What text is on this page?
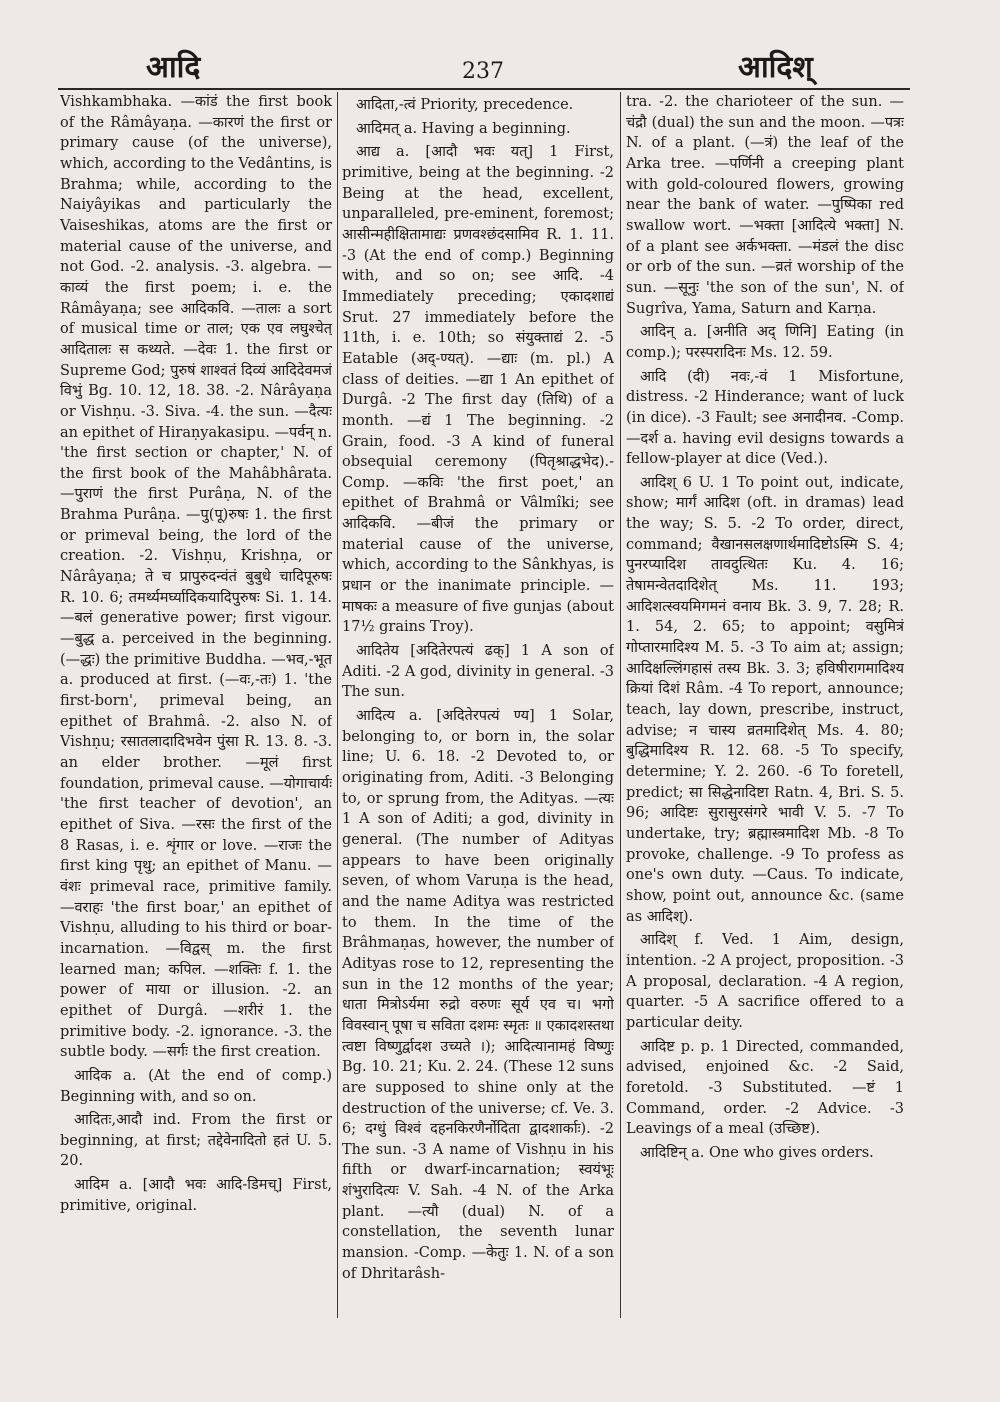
आदि	237	आदिश्

Vishkambhaka. —कांडं the first book of the Râmâyaṇa. —कारणं the first or primary cause (of the universe), which, according to the Vedântins, is Brahma; while, according to the Naiyâyikas and particularly the Vaiseshikas, atoms are the first or material cause of the universe, and not God. -2. analysis. -3. algebra. —काव्यं the first poem; i. e. the Râmâyaṇa; see आदिकवि. —तालः a sort of musical time or ताल; एक एव लघुश्चेत् आदितालः स कथ्यते. —देवः 1. the first or Supreme God; पुरुषं शाश्वतं दिव्यं आदिदेवमजं विभुं Bg. 10. 12, 18. 38. -2. Nârâyaṇa or Vishṇu. -3. Siva. -4. the sun. —दैत्यः an epithet of Hiraṇyakasipu. —पर्वन् n. 'the first section or chapter,' N. of the first book of the Mahâbhârata. —पुराणं the first Purâṇa, N. of the Brahma Purâṇa. —पु(पू)रुषः 1. the first or primeval being, the lord of the creation. -2. Vishṇu, Krishṇa, or Nârâyaṇa; ते च प्रापुरुदन्वंतं बुबुधे चादिपूरुषः R. 10. 6; तमर्थ्यमर्घ्यादिकयादिपुरुषः Si. 1. 14. —बलं generative power; first vigour. —बुद्ध a. perceived in the beginning. (—द्धः) the primitive Buddha. —भव,-भूत a. produced at first. (—वः,-तः) 1. 'the first-born', primeval being, an epithet of Brahmâ. -2. also N. of Vishṇu; रसातलादादिभवेन पुंसा R. 13. 8. -3. an elder brother. —मूलं first foundation, primeval cause. —योगाचार्यः 'the first teacher of devotion', an epithet of Siva. —रसः the first of the 8 Rasas, i. e. शृंगार or love. —राजः the first king पृथु; an epithet of Manu. —वंशः primeval race, primitive family. —वराहः 'the first boar,' an epithet of Vishṇu, alluding to his third or boar-incarnation. —विद्वस् m. the first learned man; कपिल. —शक्तिः f. 1. the power of माया or illusion. -2. an epithet of Durgâ. —शरीरं 1. the primitive body. -2. ignorance. -3. the subtle body. —सर्गः the first creation.

आदिक a. (At the end of comp.) Beginning with, and so on.

आदितः,आदौ ind. From the first or beginning, at first; तद्देवेनादितो हतं U. 5. 20.

आदिम a. [आदौ भवः आदि-डिमच्] First, primitive, original.

आदिता,-त्वं Priority, precedence.

आदिमत् a. Having a beginning.

आद्य a. [आदौ भवः यत्] 1 First, primitive, being at the beginning. -2 Being at the head, excellent, unparalleled, pre-eminent, foremost; आसीन्महीक्षितामाद्यः प्रणवश्छंदसामिव R. 1. 11. -3 (At the end of comp.) Beginning with, and so on; see आदि. -4 Immediately preceding; एकादशाद्यं Srut. 27 immediately before the 11th, i. e. 10th; so संयुक्ताद्यं 2. -5 Eatable (अद्-ण्यत्). —द्याः (m. pl.) A class of deities. —द्या 1 An epithet of Durgâ. -2 The first day (तिथि) of a month. —द्यं 1 The beginning. -2 Grain, food. -3 A kind of funeral obsequial ceremony (पितृश्राद्धभेद).-Comp. —कविः 'the first poet,' an epithet of Brahmâ or Vâlmîki; see आदिकवि. —बीजं the primary or material cause of the universe, which, according to the Sânkhyas, is प्रधान or the inanimate principle. —माषकः a measure of five gunjas (about 17½ grains Troy).

आदितेय [अदितेरपत्यं ढक्] 1 A son of Aditi. -2 A god, divinity in general. -3 The sun.

आदित्य a. [अदितेरपत्यं ण्य] 1 Solar, belonging to, or born in, the solar line; U. 6. 18. -2 Devoted to, or originating from, Aditi. -3 Belonging to, or sprung from, the Adityas. —त्यः 1 A son of Aditi; a god, divinity in general. (The number of Adityas appears to have been originally seven, of whom Varuṇa is the head, and the name Aditya was restricted to them. In the time of the Brâhmaṇas, however, the number of Adityas rose to 12, representing the sun in the 12 months of the year; धाता मित्रोऽर्यमा रुद्रो वरुणः सूर्य एव च। भगो विवस्वान् पूषा च सविता दशमः स्मृतः ॥ एकादशस्तथा त्वष्टा विष्णुर्द्वादश उच्यते ।); आदित्यानामहं विष्णुः Bg. 10. 21; Ku. 2. 24. (These 12 suns are supposed to shine only at the destruction of the universe; cf. Ve. 3. 6; दग्धुं विश्वं दहनकिरणैर्नोदिता द्वादशार्काः). -2 The sun. -3 A name of Vishṇu in his fifth or dwarf-incarnation; स्वयंभूः शंभुरादित्यः V. Sah. -4 N. of the Arka plant. —त्यौ (dual) N. of a constellation, the seventh lunar mansion. -Comp. —केतुः 1. N. of a son of Dhritarâsh-

tra. -2. the charioteer of the sun. —चंद्रौ (dual) the sun and the moon. —पत्रः N. of a plant. (—त्रं) the leaf of the Arka tree. —पर्णिनी a creeping plant with gold-coloured flowers, growing near the bank of water. —पुष्पिका red swallow wort. —भक्ता [आदित्ये भक्ता] N. of a plant see अर्कभक्ता. —मंडलं the disc or orb of the sun. —व्रतं worship of the sun. —सूनुः 'the son of the sun', N. of Sugrîva, Yama, Saturn and Karṇa.

आदिन् a. [अनीति अद् णिनि] Eating (in comp.); परस्परादिनः Ms. 12. 59.

आदि (दी) नवः,-वं 1 Misfortune, distress. -2 Hinderance; want of luck (in dice). -3 Fault; see अनादीनव. -Comp. —दर्श a. having evil designs towards a fellow-player at dice (Ved.).

आदिश् 6 U. 1 To point out, indicate, show; मार्गं आदिश (oft. in dramas) lead the way; S. 5. -2 To order, direct, command; वैखानसलक्षणार्थमादिष्टोऽस्मि S. 4; पुनरप्यादिश तावदुत्थितः Ku. 4. 16; तेषामन्वेतदादिशेत् Ms. 11. 193; आदिशत्स्वयमिगमनं वनाय Bk. 3. 9, 7. 28; R. 1. 54, 2. 65; to appoint; वसुमित्रं गोप्तारमादिश्य M. 5. -3 To aim at; assign; आदिक्षल्लिंगहासं तस्य Bk. 3. 3; हविषीरागमादिश्य क्रियां दिशं Râm. -4 To report, announce; teach, lay down, prescribe, instruct, advise; न चास्य व्रतमादिशेत् Ms. 4. 80; बुद्धिमादिश्य R. 12. 68. -5 To specify, determine; Y. 2. 260. -6 To foretell, predict; सा सिद्धेनादिष्टा Ratn. 4, Bri. S. 5. 96; आदिष्टः सुरासुरसंगरे भावी V. 5. -7 To undertake, try; ब्रह्मास्त्रमादिश Mb. -8 To provoke, challenge. -9 To profess as one's own duty. —Caus. To indicate, show, point out, announce &c. (same as आदिश्).

आदिश् f. Ved. 1 Aim, design, intention. -2 A project, proposition. -3 A proposal, declaration. -4 A region, quarter. -5 A sacrifice offered to a particular deity.

आदिष्ट p. p. 1 Directed, commanded, advised, enjoined &c. -2 Said, foretold. -3 Substituted. —ष्टं 1 Command, order. -2 Advice. -3 Leavings of a meal (उच्छिष्ट).

आदिष्टिन् a. One who gives orders.
